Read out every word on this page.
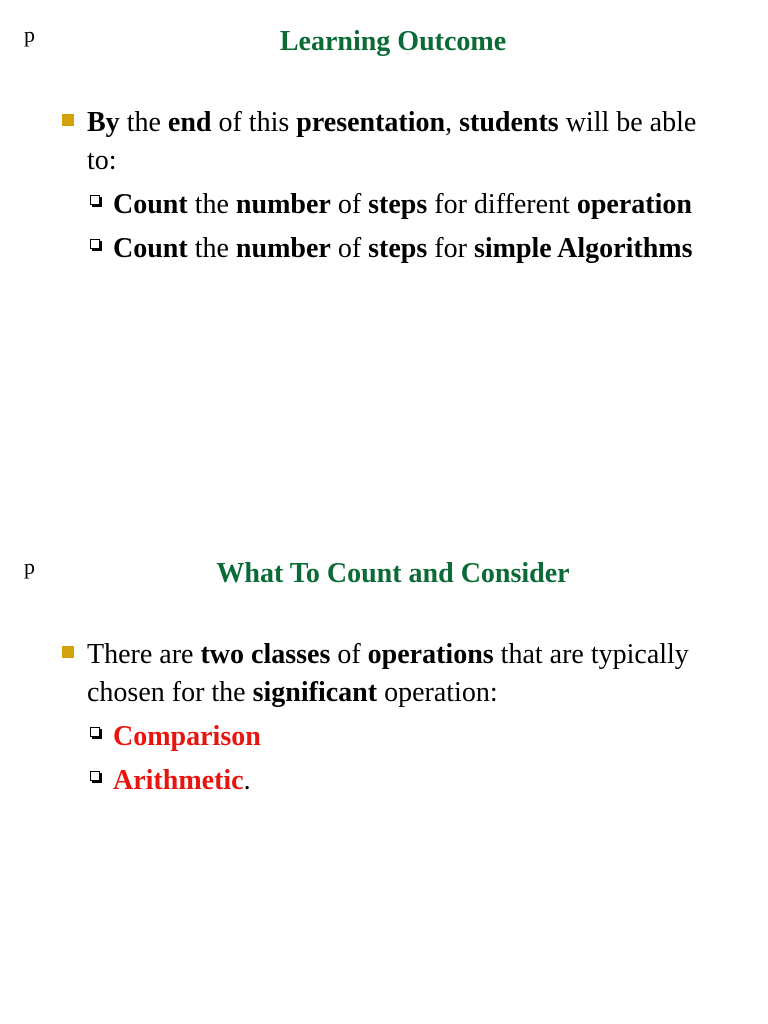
p	Learning Outcome
By the end of this presentation, students will be able to:
Count the number of steps for different operation
Count the number of steps for simple Algorithms
p	What To Count and Consider
There are two classes of operations that are typically chosen for the significant operation:
Comparison
Arithmetic.
